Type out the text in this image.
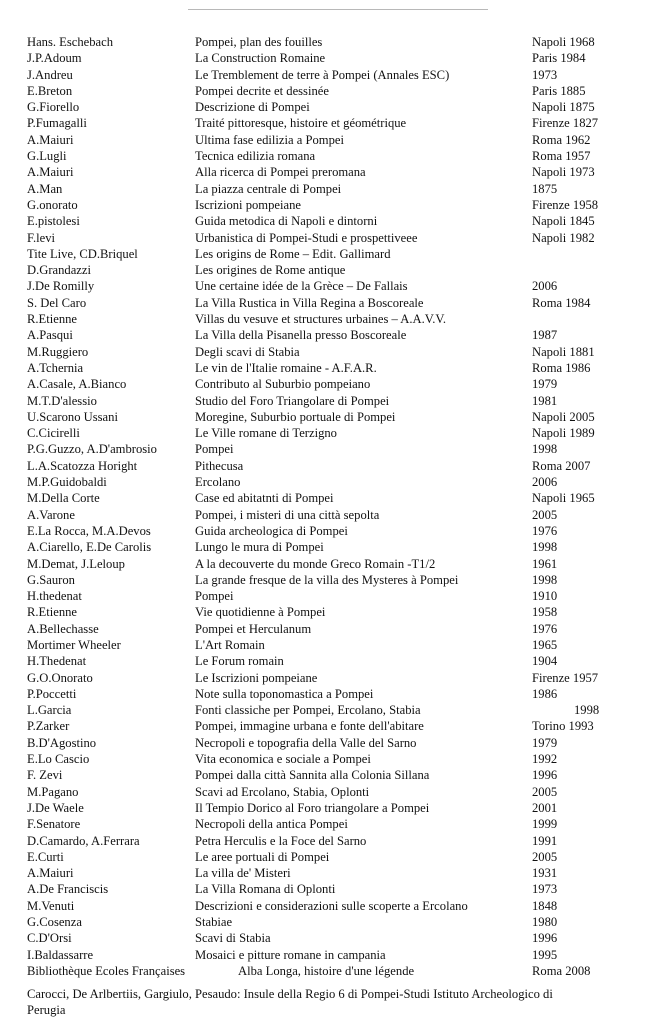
Hans. Eschebach	Pompei, plan des fouilles	Napoli 1968
J.P.Adoum	La Construction Romaine	Paris 1984
J.Andreu	Le Tremblement de terre à Pompei (Annales ESC)	1973
E.Breton	Pompei decrite et dessinée	Paris 1885
G.Fiorello	Descrizione di Pompei	Napoli 1875
P.Fumagalli	Traité pittoresque, histoire et géométrique	Firenze 1827
A.Maiuri	Ultima fase edilizia a Pompei	Roma 1962
G.Lugli	Tecnica edilizia romana	Roma 1957
A.Maiuri	Alla ricerca di Pompei preromana	Napoli 1973
A.Man	La piazza centrale di Pompei	1875
G.onorato	Iscrizioni pompeiane	Firenze 1958
E.pistolesi	Guida metodica di Napoli e dintorni	Napoli 1845
F.levi	Urbanistica di Pompei-Studi e prospettiveee	Napoli 1982
Tite Live, CD.Briquel	Les origins de Rome – Edit. Gallimard
D.Grandazzi	Les origines de Rome antique
J.De Romilly	Une certaine idée de la Grèce – De Fallais	2006
S. Del Caro	La Villa Rustica in Villa Regina a Boscoreale	Roma 1984
R.Etienne	Villas du vesuve et structures urbaines – A.A.V.V.
A.Pasqui	La Villa della Pisanella presso Boscoreale	1987
M.Ruggiero	Degli scavi di Stabia	Napoli 1881
A.Tchernia	Le vin de l'Italie romaine - A.F.A.R.	Roma 1986
A.Casale, A.Bianco	Contributo al Suburbio pompeiano	1979
M.T.D'alessio	Studio del Foro Triangolare di Pompei	1981
U.Scarono Ussani	Moregine, Suburbio portuale di Pompei	Napoli 2005
C.Cicirelli	Le Ville romane di Terzigno	Napoli 1989
P.G.Guzzo, A.D'ambrosio	Pompei	1998
L.A.Scatozza Horight	Pithecusa	Roma 2007
M.P.Guidobaldi	Ercolano	2006
M.Della Corte	Case ed abitatnti di Pompei	Napoli 1965
A.Varone	Pompei, i misteri di una città sepolta	2005
E.La Rocca, M.A.Devos	Guida archeologica di Pompei	1976
A.Ciarello, E.De Carolis	Lungo le mura di Pompei	1998
M.Demat, J.Leloup	A la decouverte du monde Greco Romain -T1/2	1961
G.Sauron	La grande fresque de la villa des Mysteres à Pompei	1998
H.thedenat	Pompei	1910
R.Etienne	Vie quotidienne à Pompei	1958
A.Bellechasse	Pompei et Herculanum	1976
Mortimer Wheeler	L'Art Romain	1965
H.Thedenat	Le Forum romain	1904
G.O.Onorato	Le Iscrizioni pompeiane	Firenze 1957
P.Poccetti	Note sulla toponomastica a Pompei	1986
L.Garcia	Fonti classiche per Pompei, Ercolano, Stabia	1998
P.Zarker	Pompei, immagine urbana e fonte dell'abitare	Torino 1993
B.D'Agostino	Necropoli e topografia della Valle del Sarno	1979
E.Lo Cascio	Vita economica e sociale a Pompei	1992
F. Zevi	Pompei dalla città Sannita alla Colonia Sillana	1996
M.Pagano	Scavi ad Ercolano, Stabia, Oplonti	2005
J.De Waele	Il Tempio Dorico al Foro triangolare a Pompei	2001
F.Senatore	Necropoli della antica Pompei	1999
D.Camardo, A.Ferrara	Petra Herculis e la Foce del Sarno	1991
E.Curti	Le aree portuali di Pompei	2005
A.Maiuri	La villa de' Misteri	1931
A.De Franciscis	La Villa Romana di Oplonti	1973
M.Venuti	Descrizioni e considerazioni sulle scoperte a Ercolano	1848
G.Cosenza	Stabiae	1980
C.D'Orsi	Scavi di Stabia	1996
I.Baldassarre	Mosaici e pitture romane in campania	1995
Bibliothèque Ecoles Françaises	Alba Longa, histoire d'une légende	Roma 2008
Carocci, De Arlbertiis, Gargiulo, Pesaudo: Insule della Regio 6 di Pompei-Studi Istituto Archeologico di
Perugia
